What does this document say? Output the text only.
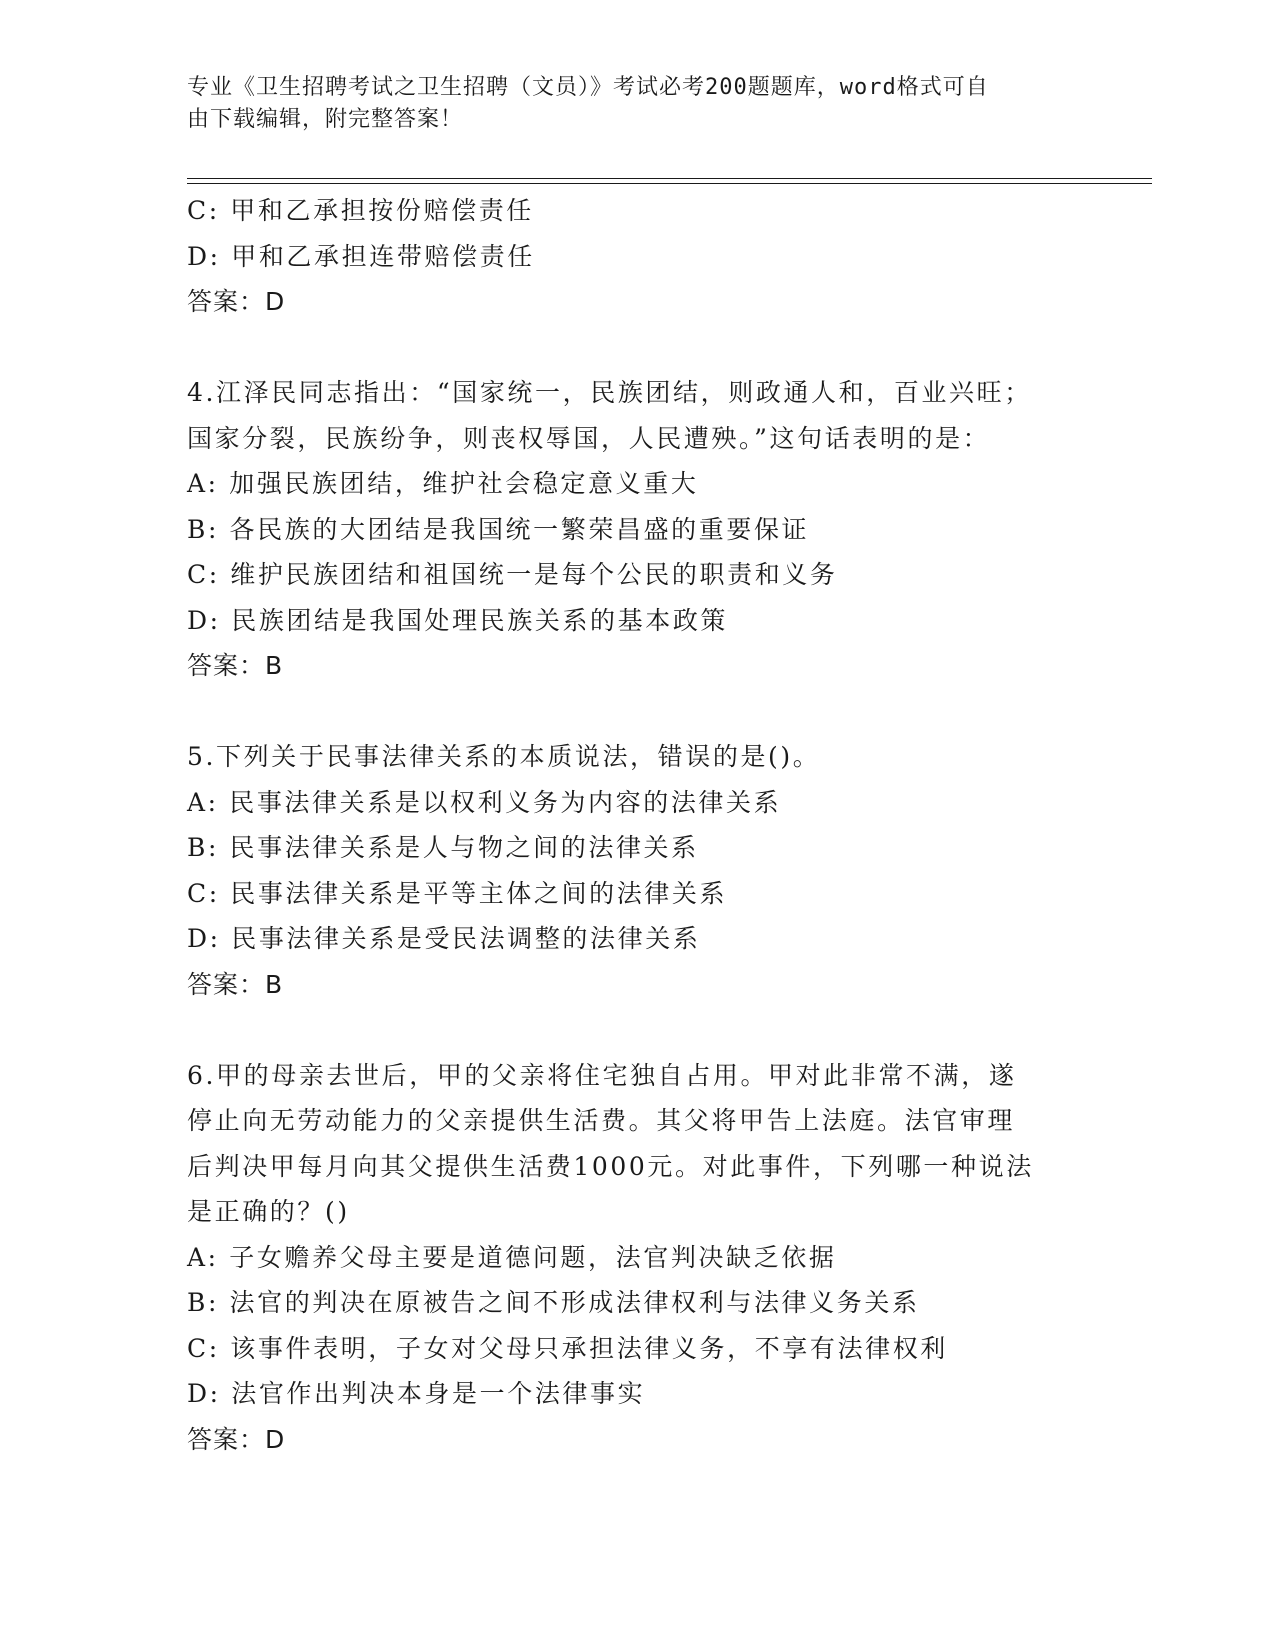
专业《卫生招聘考试之卫生招聘（文员）》考试必考200题题库，word格式可自
由下载编辑，附完整答案！
C: 甲和乙承担按份赔偿责任
D: 甲和乙承担连带赔偿责任
答案：D
4.江泽民同志指出：“国家统一，民族团结，则政通人和，百业兴旺；
国家分裂，民族纷争，则丧权辱国，人民遭殃。”这句话表明的是：
A: 加强民族团结，维护社会稳定意义重大
B: 各民族的大团结是我国统一繁荣昌盛的重要保证
C: 维护民族团结和祖国统一是每个公民的职责和义务
D: 民族团结是我国处理民族关系的基本政策
答案：B
5.下列关于民事法律关系的本质说法，错误的是()。
A: 民事法律关系是以权利义务为内容的法律关系
B: 民事法律关系是人与物之间的法律关系
C: 民事法律关系是平等主体之间的法律关系
D: 民事法律关系是受民法调整的法律关系
答案：B
6.甲的母亲去世后，甲的父亲将住宅独自占用。甲对此非常不满，遂
停止向无劳动能力的父亲提供生活费。其父将甲告上法庭。法官审理
后判决甲每月向其父提供生活费1000元。对此事件，下列哪一种说法
是正确的？()
A: 子女赡养父母主要是道德问题，法官判决缺乏依据
B: 法官的判决在原被告之间不形成法律权利与法律义务关系
C: 该事件表明，子女对父母只承担法律义务，不享有法律权利
D: 法官作出判决本身是一个法律事实
答案：D
